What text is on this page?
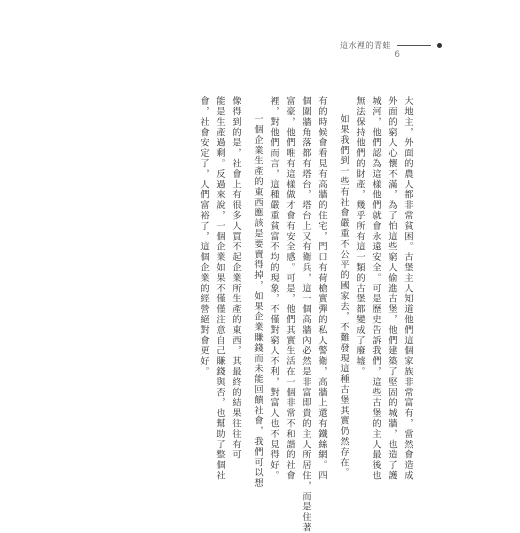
這水裡的青蛙
6
大地主，外面的農人都非常貧困。古堡主人知道他們這個家族非常富有，當然會造成
外面的窮人心懷不滿，為了怕這些窮人偷進古堡，他們建築了堅固的城牆，也造了護
城河，他們認為這樣他們就會永遠安全。可是歷史告訴我們，這些古堡的主人最後也
無法保持他們的財產，幾乎所有這一類的古堡都變成了廢墟。
如果我們到一些有社會嚴重不公平的國家去，不難發現這種古堡其實仍然存在。
有的時候會看見有高牆的住宅，門口有荷槍實彈的私人警衛，高牆上還有鐵絲網。四
個圍牆角落都有塔台，塔台上又有衛兵，這一個高牆內必然是非富即貴的主人所居住，而是住著
富豪，他們唯有這樣做才會有安全感。可是，他們其實生活在一個非常不和諧的社會
裡，對他們而言，這種嚴重貧富不均的現象，不僅對窮人不利，對富人也不見得好。
一個企業生產的東西應該是要賣得掉，如果企業賺錢而未能回饋社會，我們可以想
像得到的是，社會上有很多人買不起企業所生產的東西，其最終的結果往往有可
能是生產過剩。反過來說，一個企業如果不僅僅注意自己賺錢與否，也幫助了整個社
會，社會安定了，人們富裕了，這個企業的經營絕對會更好。
